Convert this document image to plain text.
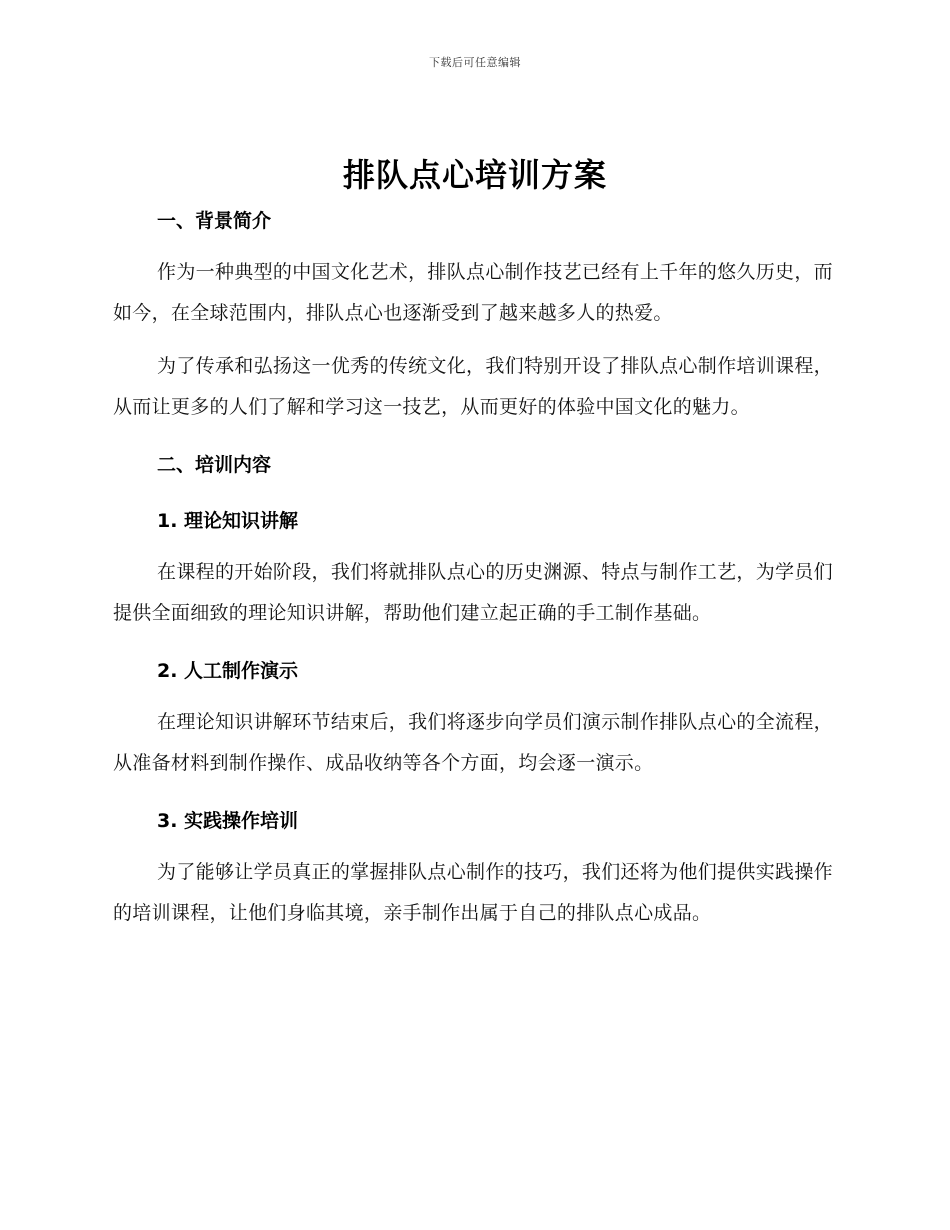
下载后可任意编辑
排队点心培训方案
一、背景简介

作为一种典型的中国文化艺术，排队点心制作技艺已经有上千年的悠久历史，而如今，在全球范围内，排队点心也逐渐受到了越来越多人的热爱。

为了传承和弘扬这一优秀的传统文化，我们特别开设了排队点心制作培训课程，从而让更多的人们了解和学习这一技艺，从而更好的体验中国文化的魅力。

二、培训内容
1. 理论知识讲解

在课程的开始阶段，我们将就排队点心的历史渊源、特点与制作工艺，为学员们提供全面细致的理论知识讲解，帮助他们建立起正确的手工制作基础。

2. 人工制作演示

在理论知识讲解环节结束后，我们将逐步向学员们演示制作排队点心的全流程，从准备材料到制作操作、成品收纳等各个方面，均会逐一演示。

3. 实践操作培训

为了能够让学员真正的掌握排队点心制作的技巧，我们还将为他们提供实践操作的培训课程，让他们身临其境，亲手制作出属于自己的排队点心成品。
